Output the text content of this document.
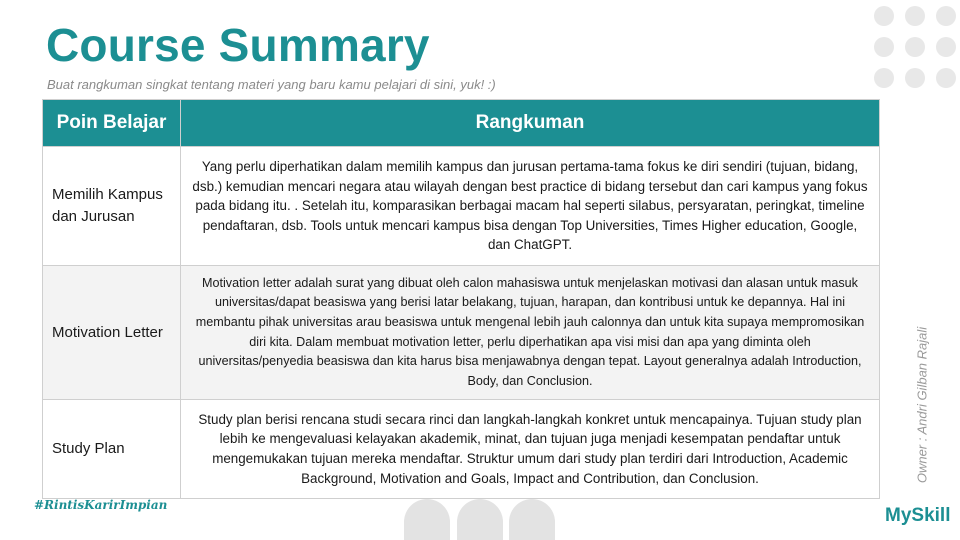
Course Summary
Buat rangkuman singkat tentang materi yang baru kamu pelajari di sini, yuk! :)
Poin Belajar	Rangkuman
Memilih Kampus dan Jurusan	Yang perlu diperhatikan dalam memilih kampus dan jurusan pertama-tama fokus ke diri sendiri (tujuan, bidang, dsb.) kemudian mencari negara atau wilayah dengan best practice di bidang tersebut dan cari kampus yang fokus pada bidang itu. . Setelah itu, komparasikan berbagai macam hal seperti silabus, persyaratan, peringkat, timeline pendaftaran, dsb. Tools untuk mencari kampus bisa dengan Top Universities, Times Higher education, Google, dan ChatGPT.
Motivation Letter	Motivation letter adalah surat yang dibuat oleh calon mahasiswa untuk menjelaskan motivasi dan alasan untuk masuk universitas/dapat beasiswa yang berisi latar belakang, tujuan, harapan, dan kontribusi untuk ke depannya. Hal ini membantu pihak universitas arau beasiswa untuk mengenal lebih jauh calonnya dan untuk kita supaya mempromosikan diri kita. Dalam membuat motivation letter, perlu diperhatikan apa visi misi dan apa yang diminta oleh universitas/penyedia beasiswa dan kita harus bisa menjawabnya dengan tepat. Layout generalnya adalah Introduction, Body, dan Conclusion.
Study Plan	Study plan berisi rencana studi secara rinci dan langkah-langkah konkret untuk mencapainya. Tujuan study plan lebih ke mengevaluasi kelayakan akademik, minat, dan tujuan juga menjadi kesempatan pendaftar untuk mengemukakan tujuan mereka mendaftar. Struktur umum dari study plan terdiri dari Introduction, Academic Background, Motivation and Goals, Impact and Contribution, dan Conclusion.	Owner : Andri Gilban Rajali
#RintisKarirImpian	MySkill
